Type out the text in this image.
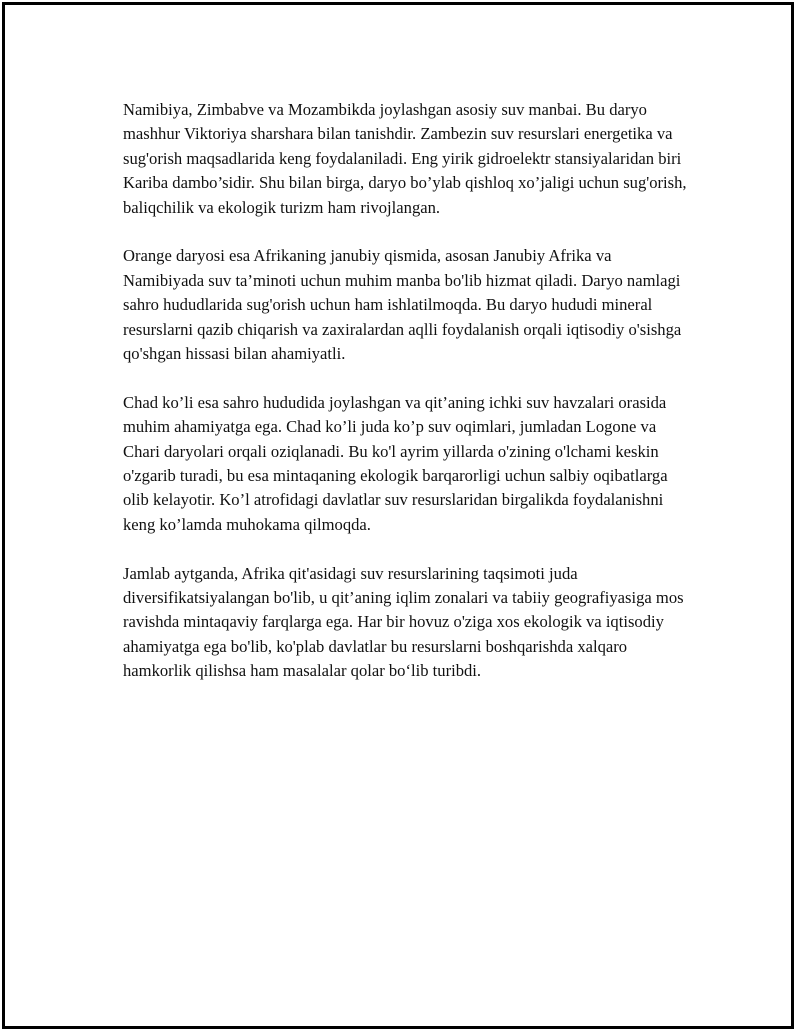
Namibiya, Zimbabve va Mozambikda joylashgan asosiy suv manbai. Bu daryo mashhur Viktoriya sharshara bilan tanishdir. Zambezin suv resurslari energetika va sug'orish maqsadlarida keng foydalaniladi. Eng yirik gidroelektr stansiyalaridan biri Kariba dambo’sidir. Shu bilan birga, daryo bo’ylab qishloq xo’jaligi uchun sug'orish, baliqchilik va ekologik turizm ham rivojlangan.

Orange daryosi esa Afrikaning janubiy qismida, asosan Janubiy Afrika va Namibiyada suv ta’minoti uchun muhim manba bo'lib hizmat qiladi. Daryo namlagi sahro hududlarida sug'orish uchun ham ishlatilmoqda. Bu daryo hududi mineral resurslarni qazib chiqarish va zaxiralardan aqlli foydalanish orqali iqtisodiy o'sishga qo'shgan hissasi bilan ahamiyatli.

Chad ko’li esa sahro hududida joylashgan va qit’aning ichki suv havzalari orasida muhim ahamiyatga ega. Chad ko’li juda ko’p suv oqimlari, jumladan Logone va Chari daryolari orqali oziqlanadi. Bu ko'l ayrim yillarda o'zining o'lchami keskin o'zgarib turadi, bu esa mintaqaning ekologik barqarorligi uchun salbiy oqibatlarga olib kelayotir. Ko’l atrofidagi davlatlar suv resurslaridan birgalikda foydalanishni keng ko’lamda muhokama qilmoqda.

Jamlab aytganda, Afrika qit'asidagi suv resurslarining taqsimoti juda diversifikatsiyalangan bo'lib, u qit’aning iqlim zonalari va tabiiy geografiyasiga mos ravishda mintaqaviy farqlarga ega. Har bir hovuz o'ziga xos ekologik va iqtisodiy ahamiyatga ega bo'lib, ko'plab davlatlar bu resurslarni boshqarishda xalqaro hamkorlik qilishsa ham masalalar qolar bo‘lib turibdi.
